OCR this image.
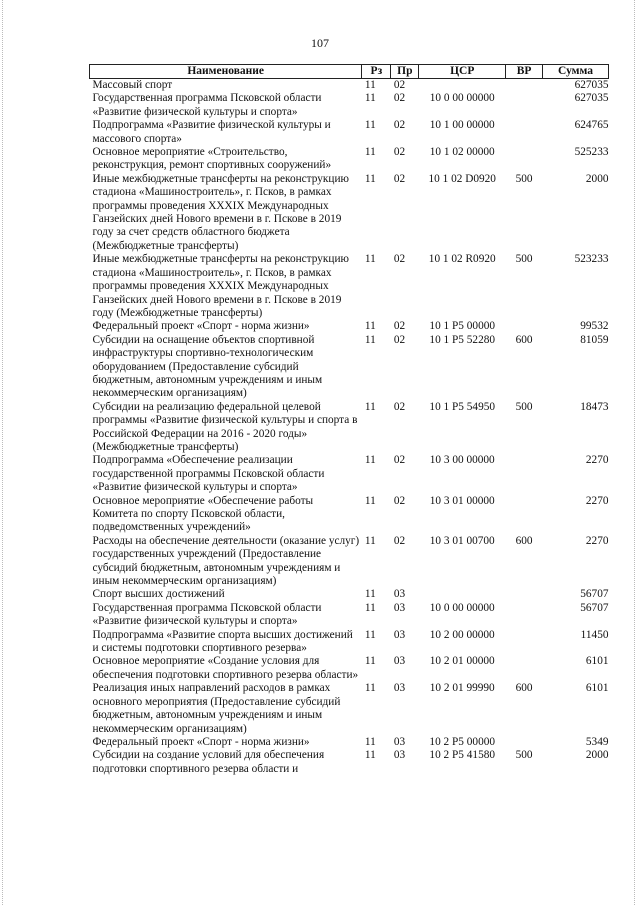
107
Наименование	Рз	Пр	ЦСР	ВР	Сумма
Массовый спорт	11	02			627035
Государственная программа Псковской области «Развитие физической культуры и спорта»	11	02	10 0 00 00000		627035
Подпрограмма «Развитие физической культуры и массового спорта»	11	02	10 1 00 00000		624765
Основное мероприятие «Строительство, реконструкция, ремонт спортивных сооружений»	11	02	10 1 02 00000		525233
Иные межбюджетные трансферты на реконструкцию стадиона «Машиностроитель», г. Псков, в рамках программы проведения XXXIX Международных Ганзейских дней Нового времени в г. Пскове в 2019 году за счет средств областного бюджета (Межбюджетные трансферты)	11	02	10 1 02 D0920	500	2000
Иные межбюджетные трансферты на реконструкцию стадиона «Машиностроитель», г. Псков, в рамках программы проведения XXXIX Международных Ганзейских дней Нового времени в г. Пскове в 2019 году (Межбюджетные трансферты)	11	02	10 1 02 R0920	500	523233
Федеральный проект «Спорт - норма жизни»	11	02	10 1 P5 00000		99532
Субсидии на оснащение объектов спортивной инфраструктуры спортивно-технологическим оборудованием (Предоставление субсидий бюджетным, автономным учреждениям и иным некоммерческим организациям)	11	02	10 1 P5 52280	600	81059
Субсидии на реализацию федеральной целевой программы «Развитие физической культуры и спорта в Российской Федерации на 2016 - 2020 годы» (Межбюджетные трансферты)	11	02	10 1 P5 54950	500	18473
Подпрограмма «Обеспечение реализации государственной программы Псковской области «Развитие физической культуры и спорта»	11	02	10 3 00 00000		2270
Основное мероприятие «Обеспечение работы Комитета по спорту Псковской области, подведомственных учреждений»	11	02	10 3 01 00000		2270
Расходы на обеспечение деятельности (оказание услуг) государственных учреждений (Предоставление субсидий бюджетным, автономным учреждениям и иным некоммерческим организациям)	11	02	10 3 01 00700	600	2270
Спорт высших достижений	11	03			56707
Государственная программа Псковской области «Развитие физической культуры и спорта»	11	03	10 0 00 00000		56707
Подпрограмма «Развитие спорта высших достижений и системы подготовки спортивного резерва»	11	03	10 2 00 00000		11450
Основное мероприятие «Создание условия для обеспечения подготовки спортивного резерва области»	11	03	10 2 01 00000		6101
Реализация иных направлений расходов в рамках основного мероприятия (Предоставление субсидий бюджетным, автономным учреждениям и иным некоммерческим организациям)	11	03	10 2 01 99990	600	6101
Федеральный проект «Спорт - норма жизни»	11	03	10 2 P5 00000		5349
Субсидии на создание условий для обеспечения подготовки спортивного резерва области и	11	03	10 2 P5 41580	500	2000
